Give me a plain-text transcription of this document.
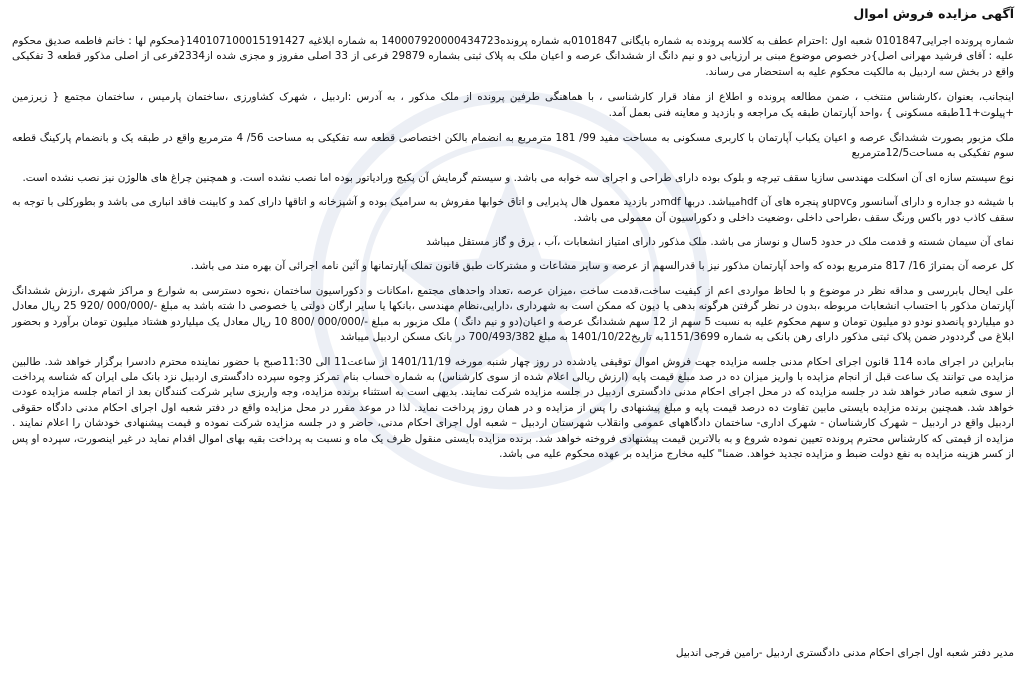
آگهی مزایده فروش اموال

شماره پرونده اجرایی0101847 شعبه اول :احترام عطف به کلاسه پرونده به شماره بایگانی 0101847به شماره پرونده140007920000434723 به شماره ابلاغیه 140107100015191427{محکوم لها : خانم فاطمه صدیق محکوم علیه : آقای فرشید مهرانی اصل}در خصوص موضوع مبنی بر ارزیابی دو و نیم دانگ از ششدانگ عرصه و اعیان ملک به پلاک ثبتی بشماره 29879 فرعی از 33 اصلی مفروز و مجزی شده از2334فرعی از اصلی مذکور قطعه 3 تفکیکی واقع در بخش سه اردبیل به مالکیت محکوم علیه به استحضار می رساند.

اینجانب، بعنوان ،کارشناس منتخب ، ضمن مطالعه پرونده و اطلاع از مفاد قرار کارشناسی ، با هماهنگی طرفین پرونده از ملک مذکور ، به آدرس :اردبیل ، شهرک کشاورزی ،ساختمان پارمیس ، ساختمان مجتمع { زیرزمین +پیلوت+11طبقه مسکونی } ،واحد آپارتمان طبقه یک مراجعه و بازدید و معاینه فنی بعمل آمد.

ملک مزبور بصورت ششدانگ عرصه و اعیان یکباب آپارتمان با کاربری مسکونی به مساحت مفید 99/ 181 مترمربع به انضمام بالکن اختصاصی قطعه سه تفکیکی به مساحت 56/ 4 مترمربع واقع در طبقه یک و بانضمام پارکینگ قطعه سوم تفکیکی به مساحت12/5مترمربع

نوع سیستم سازه ای آن اسکلت مهندسی سازیا سقف تیرچه و بلوک بوده دارای طراحی و اجرای سه خوابه می باشد. و سیستم گرمایش آن پکیج ورادیاتور بوده اما نصب نشده است. و همچنین چراغ های هالوژن نیز نصب نشده است.

با شیشه دو جداره و دارای آسانسور وupvcو پنجره های آن hdfمیباشد. دربها mdfدر بازدید معمول هال پذیرایی و اتاق خوابها مفروش به سرامیک بوده و آشپزخانه و اتاقها دارای کمد و کابینت فاقد انباری می باشد و بطورکلی با توجه به سقف کاذب دور باکس ورنگ سقف ،طراحی داخلی ،وضعیت داخلی و دکوراسیون آن معمولی می باشد.

نمای آن سیمان شسته و قدمت ملک در حدود 5سال و نوساز می باشد. ملک مذکور دارای امتیاز انشعابات ،آب ، برق و گاز مستقل میباشد

کل عرصه آن بمتراژ 16/ 817 مترمربع بوده که واحد آپارتمان مذکور نیز با قدرالسهم از عرصه و سایر مشاعات و مشترکات طبق قانون تملک آپارتمانها و آئین نامه اجرائی آن بهره مند می باشد.

علی ایحال بابررسی و مداقه نظر در موضوع و با لحاظ مواردی اعم از کیفیت ساخت،قدمت ساخت ،میزان عرصه ،تعداد واحدهای مجتمع ،امکانات و دکوراسیون ساختمان ،نحوه دسترسی به شوارع و مراکز شهری ،ارزش ششدانگ آپارتمان مذکور با احتساب انشعابات مربوطه ،بدون در نظر گرفتن هرگونه بدهی یا دیون که ممکن است به شهرداری ،دارایی،نظام مهندسی ،بانکها یا سایر ارگان دولتی یا خصوصی دا شته باشد به مبلغ -/000/000 /920 25 ریال معادل دو میلیاردو پانصدو نودو دو میلیون تومان و سهم محکوم علیه به نسبت 5 سهم از 12 سهم ششدانگ عرصه و اعیان(دو و نیم دانگ ) ملک مزبور به مبلغ -/000/000 /800 10 ریال معادل یک میلیاردو هشتاد میلیون تومان برآورد و بحضور ابلاغ می گرددودر ضمن پلاک ثبتی مذکور دارای رهن بانکی به شماره 1151/3699به تاریخ1401/10/22 به مبلغ 700/493/382 در بانک مسکن اردبیل میباشد

بنابراین در اجرای ماده 114 قانون اجرای احکام مدنی جلسه مزایده جهت فروش اموال توقیفی یادشده در روز چهار شنبه مورخه 1401/11/19 از ساعت11 الی 11:30صبح با حضور نماینده محترم دادسرا برگزار خواهد شد. طالبین مزایده می توانند یک ساعت قبل از انجام مزایده با واریز میزان ده در صد مبلغ قیمت پایه (ارزش ریالی اعلام شده از سوی کارشناس) به شماره حساب بنام تمرکز وجوه سپرده دادگستری اردبیل نزد بانک ملی ایران که شناسه پرداخت از سوی شعبه صادر خواهد شد در جلسه مزایده که در محل اجرای احکام مدنی دادگستری اردبیل در جلسه مزایده شرکت نمایند. بدیهی است به استثناء برنده مزایده، وجه واریزی سایر شرکت کنندگان بعد از اتمام جلسه مزایده عودت خواهد شد. همچنین برنده مزایده بایستی مابین تفاوت ده درصد قیمت پایه و مبلغ پیشنهادی را پس از مزایده و در همان روز پرداخت نماید. لذا در موعد مقرر در محل مزایده واقع در دفتر شعبه اول اجرای احکام مدنی دادگاه حقوقی اردبیل واقع در اردبیل – شهرک کارشناسان - شهرک اداری- ساختمان دادگاههای عمومی وانقلاب شهرستان اردبیل – شعبه اول اجرای احکام مدنی، حاضر و در جلسه مزایده شرکت نموده و قیمت پیشنهادی خودشان را اعلام نمایند . مزایده از قیمتی که کارشناس محترم پرونده تعیین نموده شروع و به بالاترین قیمت پیشنهادی فروخته خواهد شد. برنده مزایده بایستی منقول ظرف یک ماه و نسبت به پرداخت بقیه بهای اموال اقدام نماید در غیر اینصورت، سپرده او پس از کسر هزینه مزایده به نفع دولت ضبط و مزایده تجدید خواهد. ضمنا" کلیه مخارج مزایده بر عهده محکوم علیه می باشد.

مدیر دفتر شعبه اول اجرای احکام مدنی دادگستری اردبیل -رامین فرجی اندبیل
